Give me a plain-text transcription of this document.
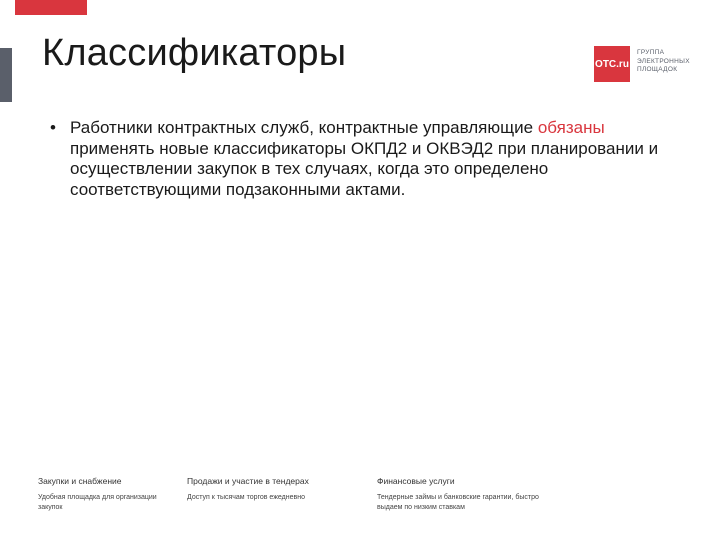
Классификаторы	OTC.ru
ГРУППА
ЭЛЕКТРОННЫХ
ПЛОЩАДОК
• Работники контрактных служб, контрактные управляющие обязаны применять новые классификаторы ОКПД2 и ОКВЭД2 при планировании и осуществлении закупок в тех случаях, когда это определено соответствующими подзаконными актами.
Закупки и снабжение
Удобная площадка для организации закупок
Продажи и участие в тендерах
Доступ к тысячам торгов ежедневно
Финансовые услуги
Тендерные займы и банковские гарантии, быстро выдаем по низким ставкам
